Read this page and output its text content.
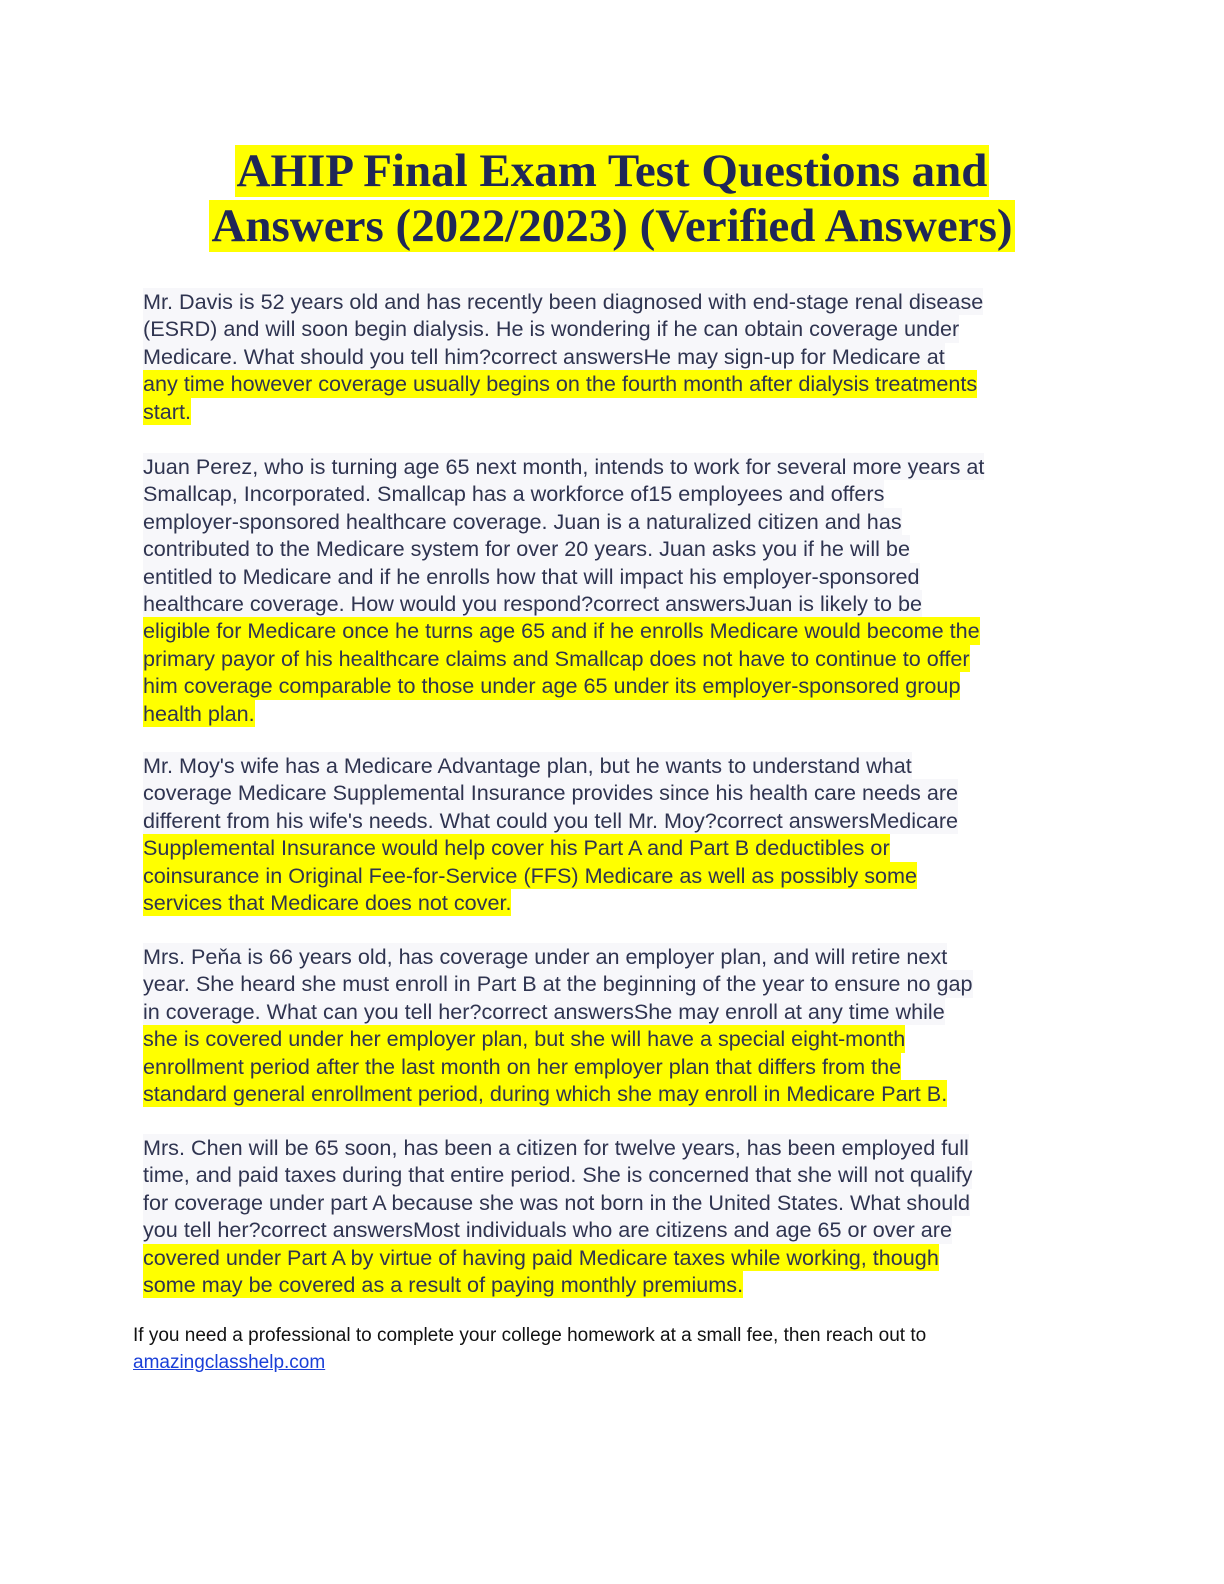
AHIP Final Exam Test Questions and
Answers (2022/2023) (Verified Answers)
Mr. Davis is 52 years old and has recently been diagnosed with end-stage renal disease
(ESRD) and will soon begin dialysis. He is wondering if he can obtain coverage under
Medicare. What should you tell him?correct answersHe may sign-up for Medicare at
any time however coverage usually begins on the fourth month after dialysis treatments
start.
Juan Perez, who is turning age 65 next month, intends to work for several more years at
Smallcap, Incorporated. Smallcap has a workforce of15 employees and offers
employer-sponsored healthcare coverage. Juan is a naturalized citizen and has
contributed to the Medicare system for over 20 years. Juan asks you if he will be
entitled to Medicare and if he enrolls how that will impact his employer-sponsored
healthcare coverage. How would you respond?correct answersJuan is likely to be
eligible for Medicare once he turns age 65 and if he enrolls Medicare would become the
primary payor of his healthcare claims and Smallcap does not have to continue to offer
him coverage comparable to those under age 65 under its employer-sponsored group
health plan.
Mr. Moy's wife has a Medicare Advantage plan, but he wants to understand what
coverage Medicare Supplemental Insurance provides since his health care needs are
different from his wife's needs. What could you tell Mr. Moy?correct answersMedicare
Supplemental Insurance would help cover his Part A and Part B deductibles or
coinsurance in Original Fee-for-Service (FFS) Medicare as well as possibly some
services that Medicare does not cover.
Mrs. Peňa is 66 years old, has coverage under an employer plan, and will retire next
year. She heard she must enroll in Part B at the beginning of the year to ensure no gap
in coverage. What can you tell her?correct answersShe may enroll at any time while
she is covered under her employer plan, but she will have a special eight-month
enrollment period after the last month on her employer plan that differs from the
standard general enrollment period, during which she may enroll in Medicare Part B.
Mrs. Chen will be 65 soon, has been a citizen for twelve years, has been employed full
time, and paid taxes during that entire period. She is concerned that she will not qualify
for coverage under part A because she was not born in the United States. What should
you tell her?correct answersMost individuals who are citizens and age 65 or over are
covered under Part A by virtue of having paid Medicare taxes while working, though
some may be covered as a result of paying monthly premiums.

If you need a professional to complete your college homework at a small fee, then reach out to
amazingclasshelp.com
